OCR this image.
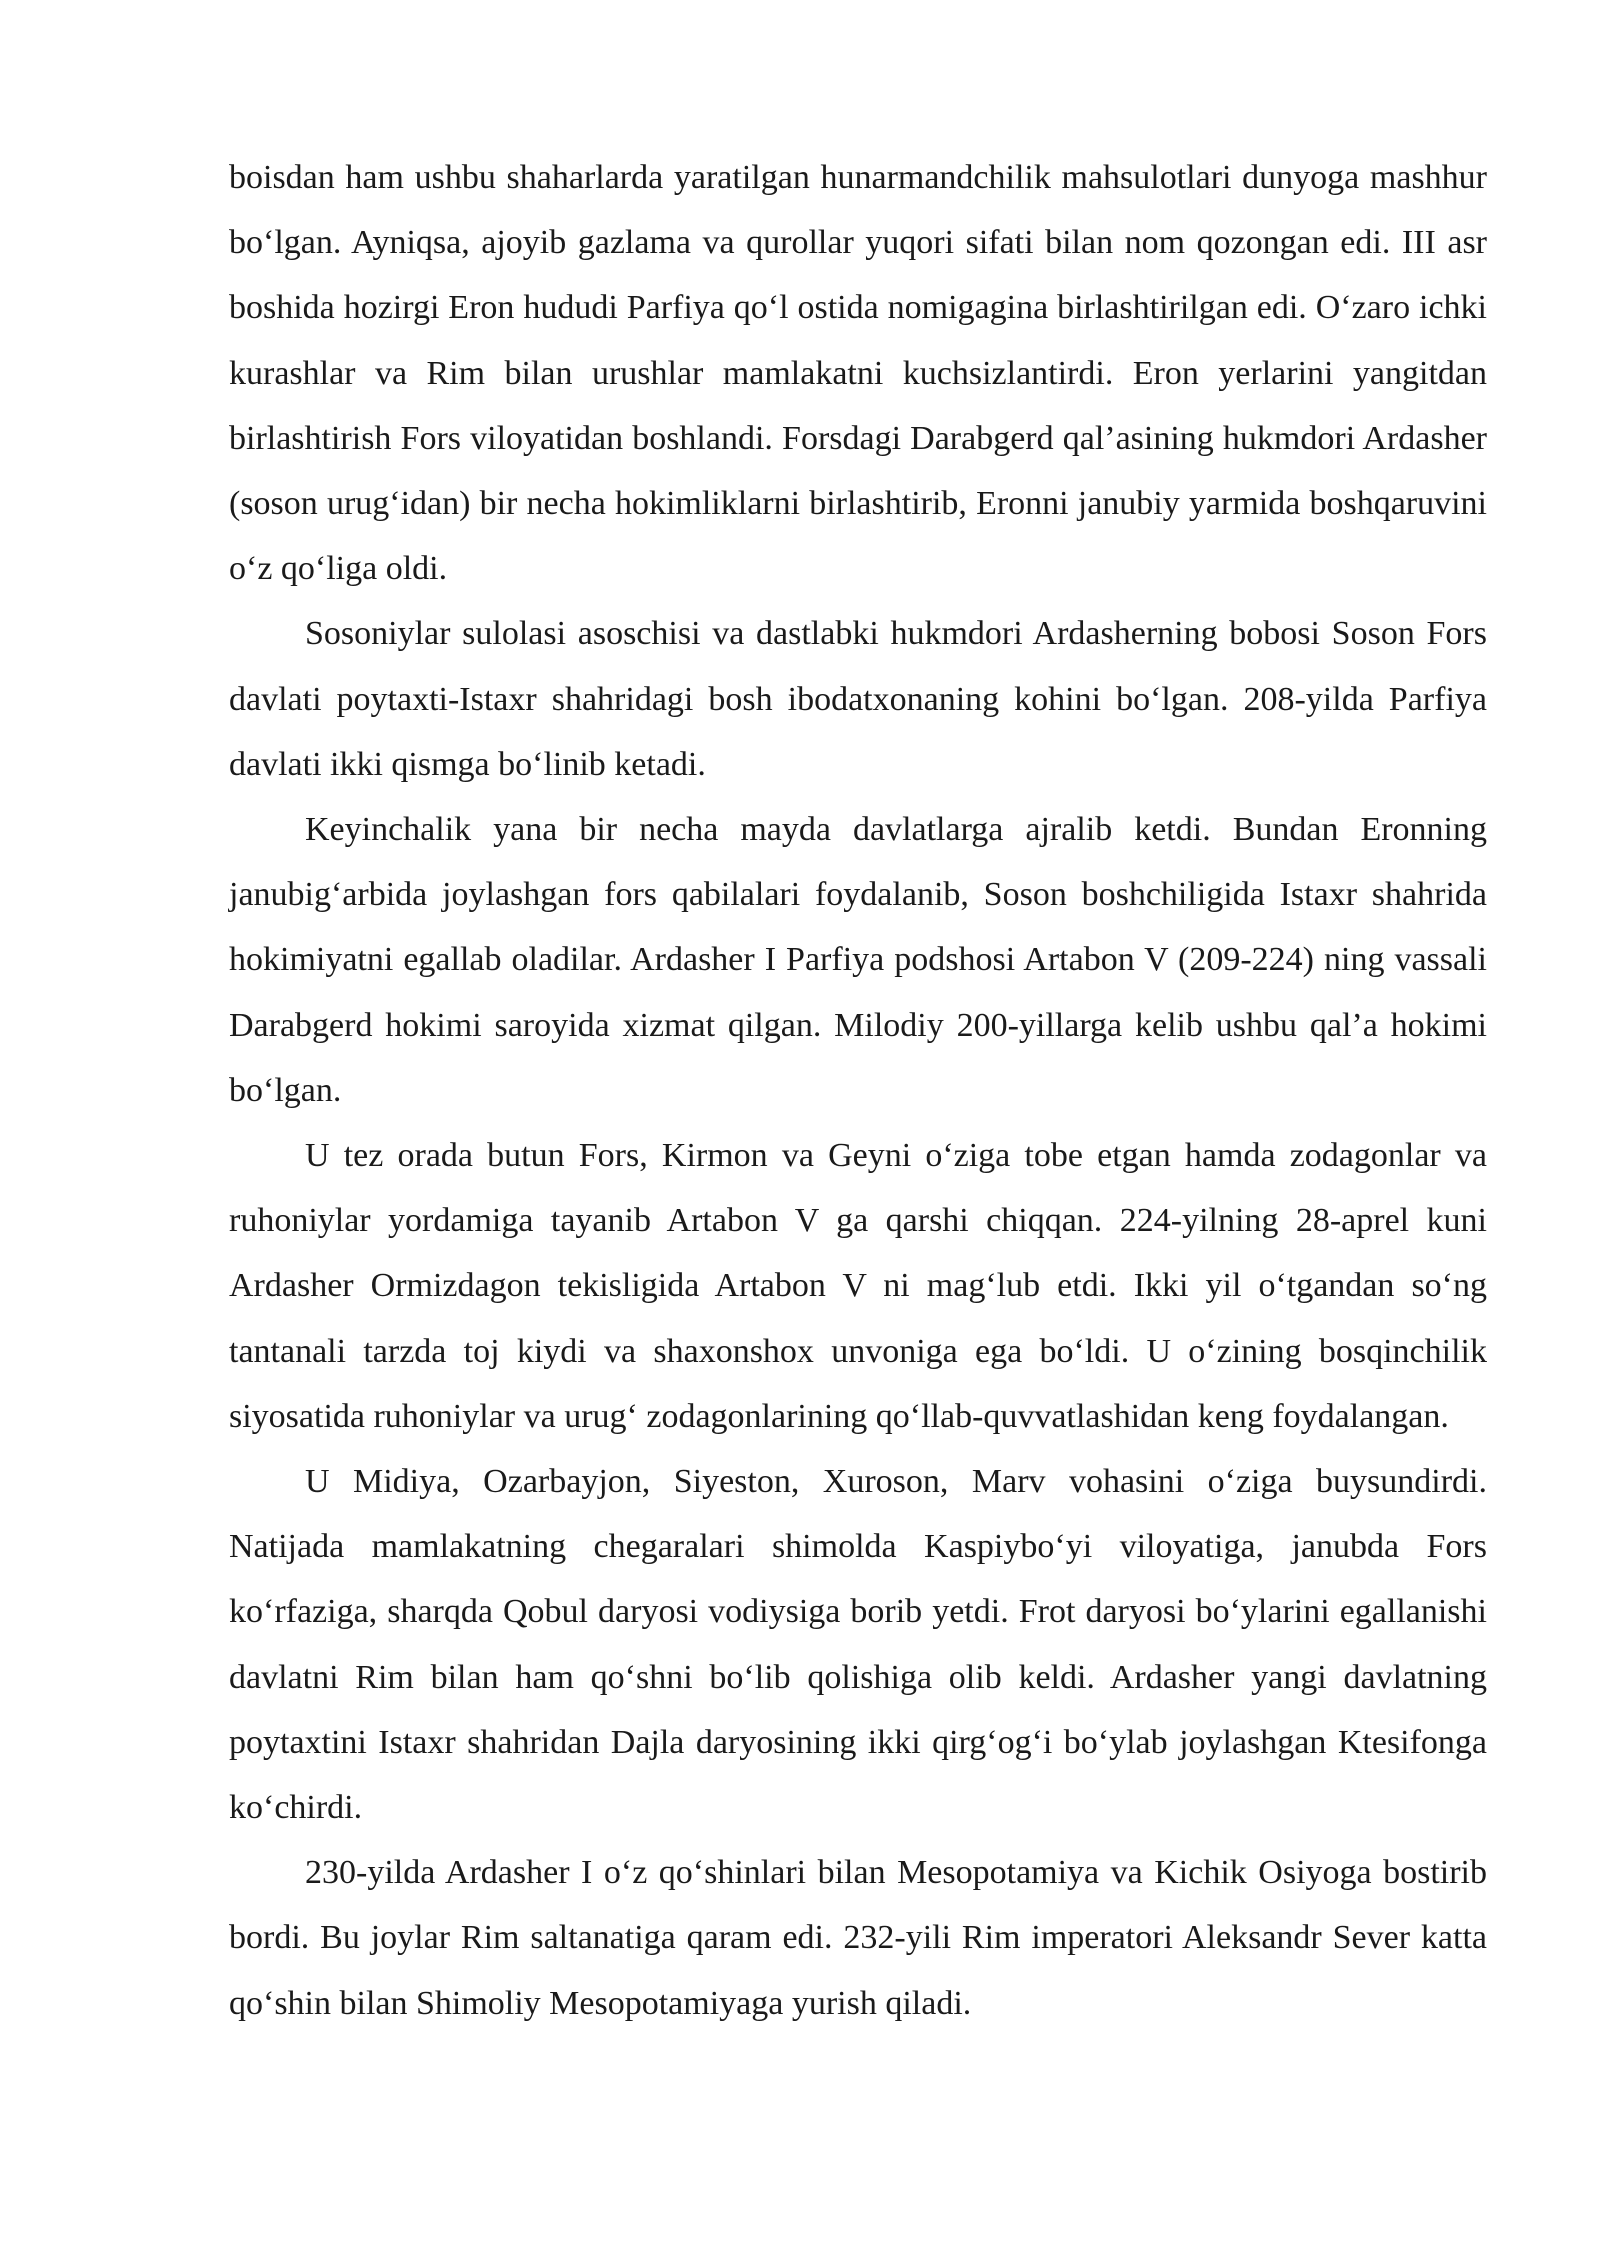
boisdan ham ushbu shaharlarda yaratilgan hunarmandchilik mahsulotlari dunyoga mashhur bo‘lgan. Ayniqsa, ajoyib gazlama va qurollar yuqori sifati bilan nom qozongan edi. III asr boshida hozirgi Eron hududi Parfiya qo‘l ostida nomigagina birlashtirilgan edi. O‘zaro ichki kurashlar va Rim bilan urushlar mamlakatni kuchsizlantirdi. Eron yerlarini yangitdan birlashtirish Fors viloyatidan boshlandi. Forsdagi Darabgerd qal’asining hukmdori Ardasher (soson urug‘idan) bir necha hokimliklarni birlashtirib, Eronni janubiy yarmida boshqaruvini o‘z qo‘liga oldi.

Sosoniylar sulolasi asoschisi va dastlabki hukmdori Ardasherning bobosi Soson Fors davlati poytaxti-Istaxr shahridagi bosh ibodatxonaning kohini bo‘lgan. 208-yilda Parfiya davlati ikki qismga bo‘linib ketadi.

Keyinchalik yana bir necha mayda davlatlarga ajralib ketdi. Bundan Eronning janubig‘arbida joylashgan fors qabilalari foydalanib, Soson boshchiligida Istaxr shahrida hokimiyatni egallab oladilar. Ardasher I Parfiya podshosi Artabon V (209-224) ning vassali Darabgerd hokimi saroyida xizmat qilgan. Milodiy 200-yillarga kelib ushbu qal’a hokimi bo‘lgan.

U tez orada butun Fors, Kirmon va Geyni o‘ziga tobe etgan hamda zodagonlar va ruhoniylar yordamiga tayanib Artabon V ga qarshi chiqqan. 224-yilning 28-aprel kuni Ardasher Ormizdagon tekisligida Artabon V ni mag‘lub etdi. Ikki yil o‘tgandan so‘ng tantanali tarzda toj kiydi va shaxonshox unvoniga ega bo‘ldi. U o‘zining bosqinchilik siyosatida ruhoniylar va urug‘ zodagonlarining qo‘llab-quvvatlashidan keng foydalangan.

U Midiya, Ozarbayjon, Siyeston, Xuroson, Marv vohasini o‘ziga buysundirdi. Natijada mamlakatning chegaralari shimolda Kaspiybo‘yi viloyatiga, janubda Fors ko‘rfaziga, sharqda Qobul daryosi vodiysiga borib yetdi. Frot daryosi bo‘ylarini egallanishi davlatni Rim bilan ham qo‘shni bo‘lib qolishiga olib keldi. Ardasher yangi davlatning poytaxtini Istaxr shahridan Dajla daryosining ikki qirg‘og‘i bo‘ylab joylashgan Ktesifonga ko‘chirdi.

230-yilda Ardasher I o‘z qo‘shinlari bilan Mesopotamiya va Kichik Osiyoga bostirib bordi. Bu joylar Rim saltanatiga qaram edi. 232-yili Rim imperatori Aleksandr Sever katta qo‘shin bilan Shimoliy Mesopotamiyaga yurish qiladi.
